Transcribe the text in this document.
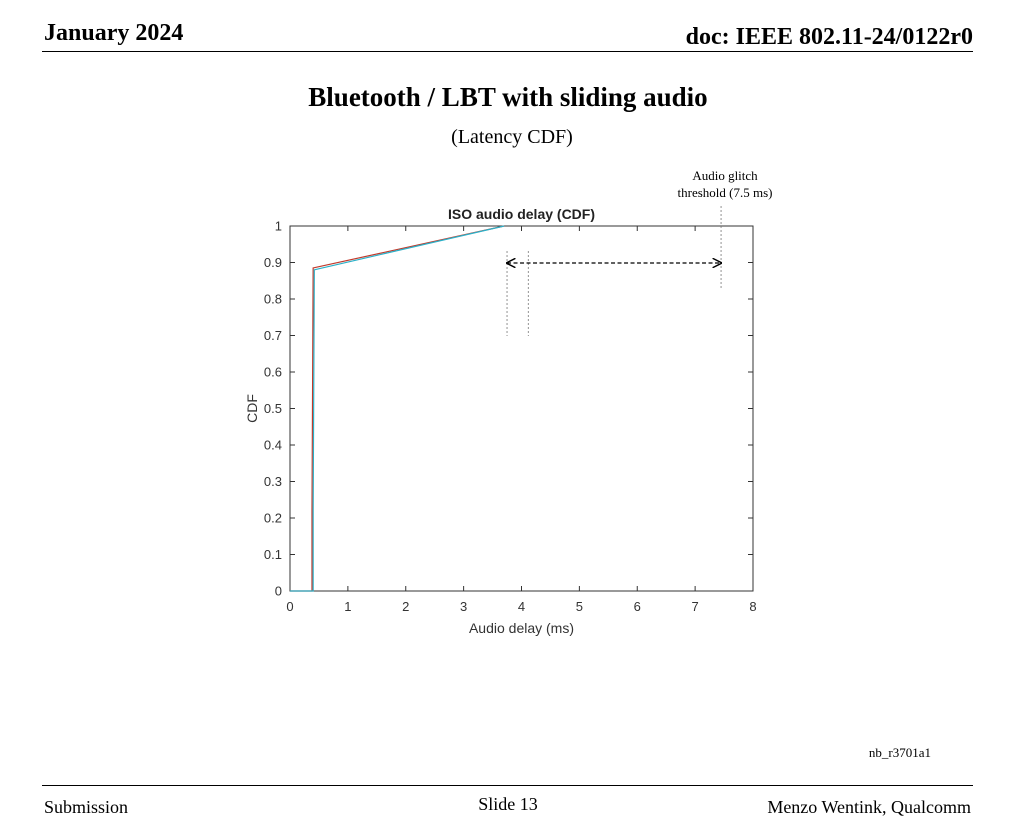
January 2024	doc: IEEE 802.11-24/0122r0
Bluetooth / LBT with sliding audio
(Latency CDF)
Audio glitch
threshold (7.5 ms)
0	1	2	3	4	5	6	7	8
0
0.1
0.2
0.3
0.4
0.5
0.6
0.7
0.8
0.9
1
ISO audio delay (CDF)
Audio delay (ms)
CDF
nb_r3701a1
Submission	Slide 13	Menzo Wentink, Qualcomm
